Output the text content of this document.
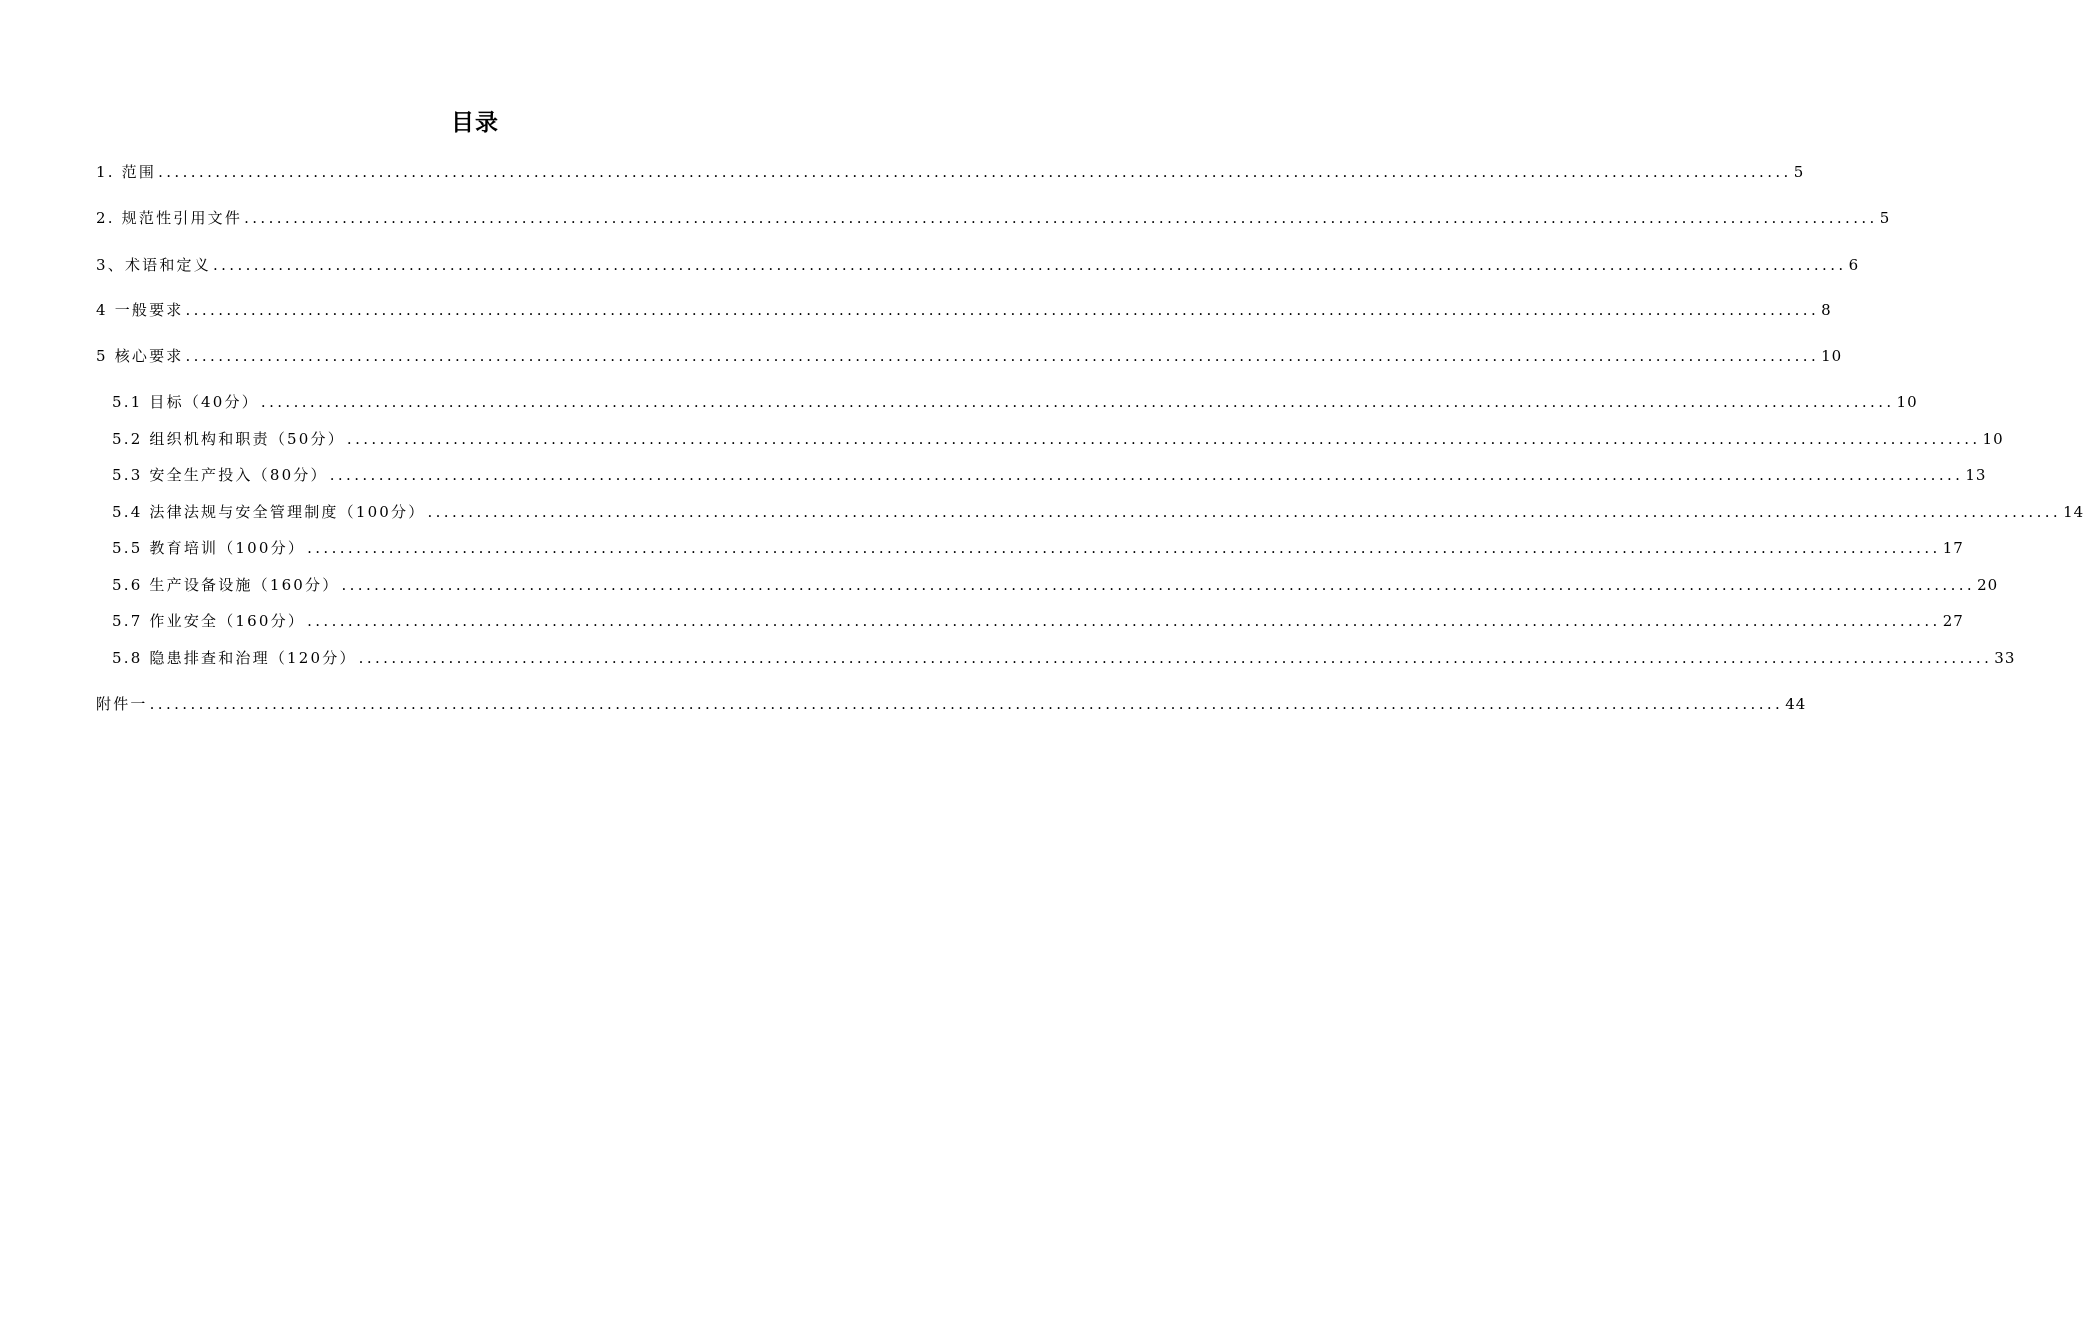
目录
1. 范围 ........................................................................................................................................................................................................ 5
2. 规范性引用文件 ........................................................................................................................................................................................................ 5
3、术语和定义 ........................................................................................................................................................................................................ 6
4 一般要求 ........................................................................................................................................................................................................ 8
5 核心要求 ........................................................................................................................................................................................................ 10
5.1 目标（40分） ........................................................................................................................................................................................................ 10
5.2 组织机构和职责（50分） ........................................................................................................................................................................................................ 10
5.3 安全生产投入（80分） ........................................................................................................................................................................................................ 13
5.4 法律法规与安全管理制度（100分） ........................................................................................................................................................................................................ 14
5.5 教育培训（100分） ........................................................................................................................................................................................................ 17
5.6 生产设备设施（160分） ........................................................................................................................................................................................................ 20
5.7 作业安全（160分） ........................................................................................................................................................................................................ 27
5.8 隐患排查和治理（120分） ........................................................................................................................................................................................................ 33
附件一 ........................................................................................................................................................................................................ 44
